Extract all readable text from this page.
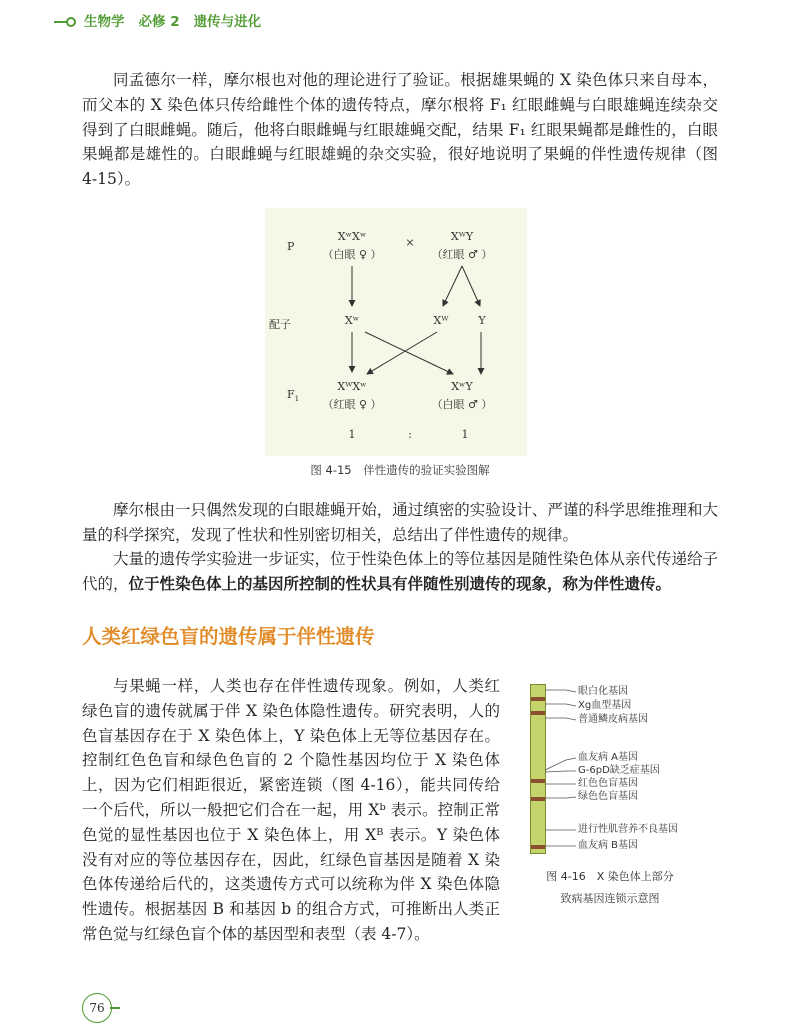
生物学 必修 2 遗传与进化

同孟德尔一样，摩尔根也对他的理论进行了验证。根据雄果蝇的 X 染色体只来自母本，而父本的 X 染色体只传给雌性个体的遗传特点，摩尔根将 F₁ 红眼雌蝇与白眼雄蝇连续杂交得到了白眼雌蝇。随后，他将白眼雌蝇与红眼雄蝇交配，结果 F₁ 红眼果蝇都是雌性的，白眼果蝇都是雄性的。白眼雌蝇与红眼雄蝇的杂交实验，很好地说明了果蝇的伴性遗传规律（图 4-15）。

P
配子
$F_1$
XʷXʷ
（白眼 ♀ ）
×	XᵂY
（红眼 ♂ ）
Xʷ	Xᵂ	Y
XᵂXʷ
（红眼 ♀ ）
XʷY
（白眼 ♂ ）
1	:	1
图 4-15　伴性遗传的验证实验图解

摩尔根由一只偶然发现的白眼雄蝇开始，通过缜密的实验设计、严谨的科学思维推理和大量的科学探究，发现了性状和性别密切相关，总结出了伴性遗传的规律。

大量的遗传学实验进一步证实，位于性染色体上的等位基因是随性染色体从亲代传递给子代的，位于性染色体上的基因所控制的性状具有伴随性别遗传的现象，称为伴性遗传。

人类红绿色盲的遗传属于伴性遗传

与果蝇一样，人类也存在伴性遗传现象。例如，人类红绿色盲的遗传就属于伴 X 染色体隐性遗传。研究表明，人的色盲基因存在于 X 染色体上，Y 染色体上无等位基因存在。控制红色色盲和绿色色盲的 2 个隐性基因均位于 X 染色体上，因为它们相距很近，紧密连锁（图 4-16），能共同传给一个后代，所以一般把它们合在一起，用 Xᵇ 表示。控制正常色觉的显性基因也位于 X 染色体上，用 Xᴮ 表示。Y 染色体没有对应的等位基因存在，因此，红绿色盲基因是随着 X 染色体传递给后代的，这类遗传方式可以统称为伴 X 染色体隐性遗传。根据基因 B 和基因 b 的组合方式，可推断出人类正常色觉与红绿色盲个体的基因型和表型（表 4-7）。

眼白化基因
Xg血型基因
普通鳞皮病基因
血友病 A基因
G-6pD缺乏症基因
红色色盲基因
绿色色盲基因
进行性肌营养不良基因
血友病 B基因
图 4-16　X 染色体上部分
致病基因连锁示意图
76
